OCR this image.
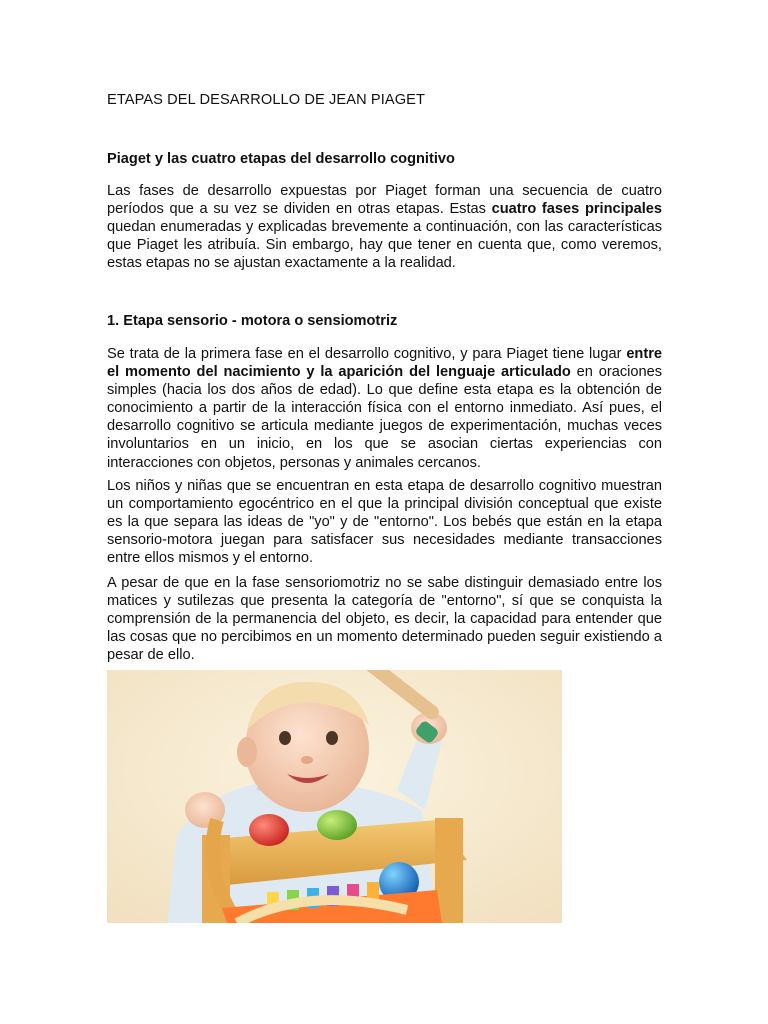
ETAPAS DEL DESARROLLO DE JEAN PIAGET
Piaget y las cuatro etapas del desarrollo cognitivo

Las fases de desarrollo expuestas por Piaget forman una secuencia de cuatro períodos que a su vez se dividen en otras etapas. Estas cuatro fases principales quedan enumeradas y explicadas brevemente a continuación, con las características que Piaget les atribuía. Sin embargo, hay que tener en cuenta que, como veremos, estas etapas no se ajustan exactamente a la realidad.

1. Etapa sensorio - motora o sensiomotriz

Se trata de la primera fase en el desarrollo cognitivo, y para Piaget tiene lugar entre el momento del nacimiento y la aparición del lenguaje articulado en oraciones simples (hacia los dos años de edad). Lo que define esta etapa es la obtención de conocimiento a partir de la interacción física con el entorno inmediato. Así pues, el desarrollo cognitivo se articula mediante juegos de experimentación, muchas veces involuntarios en un inicio, en los que se asocian ciertas experiencias con interacciones con objetos, personas y animales cercanos.

Los niños y niñas que se encuentran en esta etapa de desarrollo cognitivo muestran un comportamiento egocéntrico en el que la principal división conceptual que existe es la que separa las ideas de "yo" y de "entorno". Los bebés que están en la etapa sensorio-motora juegan para satisfacer sus necesidades mediante transacciones entre ellos mismos y el entorno.

A pesar de que en la fase sensoriomotriz no se sabe distinguir demasiado entre los matices y sutilezas que presenta la categoría de "entorno", sí que se conquista la comprensión de la permanencia del objeto, es decir, la capacidad para entender que las cosas que no percibimos en un momento determinado pueden seguir existiendo a pesar de ello.
